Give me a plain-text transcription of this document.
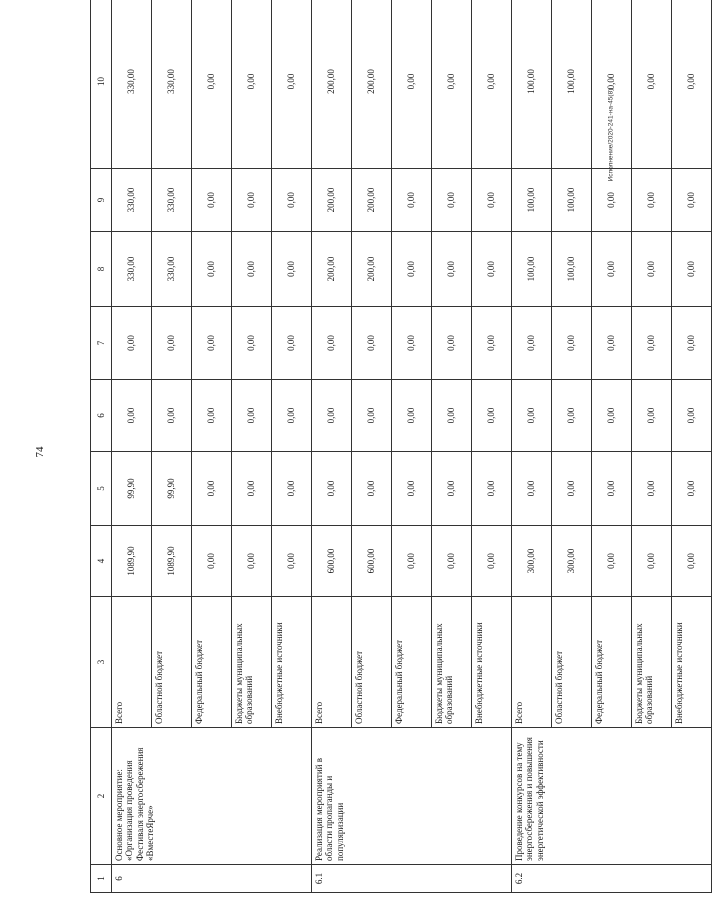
74
1	2	3	4	5	6	7	8	9	10
6	Основное мероприятие: «Организация проведения Фестиваля энергосбережения «ВместеЯрче»	Всего	1089,90	99,90	0,00	0,00	330,00	330,00	330,00
		Областной бюджет	1089,90	99,90	0,00	0,00	330,00	330,00	330,00
		Федеральный бюджет	0,00	0,00	0,00	0,00	0,00	0,00	0,00
		Бюджеты муниципальных образований	0,00	0,00	0,00	0,00	0,00	0,00	0,00
		Внебюджетные источники	0,00	0,00	0,00	0,00	0,00	0,00	0,00
6.1	Реализация мероприятий в области пропаганды и популяризации	Всего	600,00	0,00	0,00	0,00	200,00	200,00	200,00
		Областной бюджет	600,00	0,00	0,00	0,00	200,00	200,00	200,00
		Федеральный бюджет	0,00	0,00	0,00	0,00	0,00	0,00	0,00
		Бюджеты муниципальных образований	0,00	0,00	0,00	0,00	0,00	0,00	0,00
		Внебюджетные источники	0,00	0,00	0,00	0,00	0,00	0,00	0,00
6.2	Проведение конкурсов на тему энергосбережения и повышения энергетической эффективности	Всего	300,00	0,00	0,00	0,00	100,00	100,00	100,00
		Областной бюджет	300,00	0,00	0,00	0,00	100,00	100,00	100,00
		Федеральный бюджет	0,00	0,00	0,00	0,00	0,00	0,00	0,00
		Бюджеты муниципальных образований	0,00	0,00	0,00	0,00	0,00	0,00	0,00
		Внебюджетные источники	0,00	0,00	0,00	0,00	0,00	0,00	0,00
Исполнение/2020-241-на-45(8)
